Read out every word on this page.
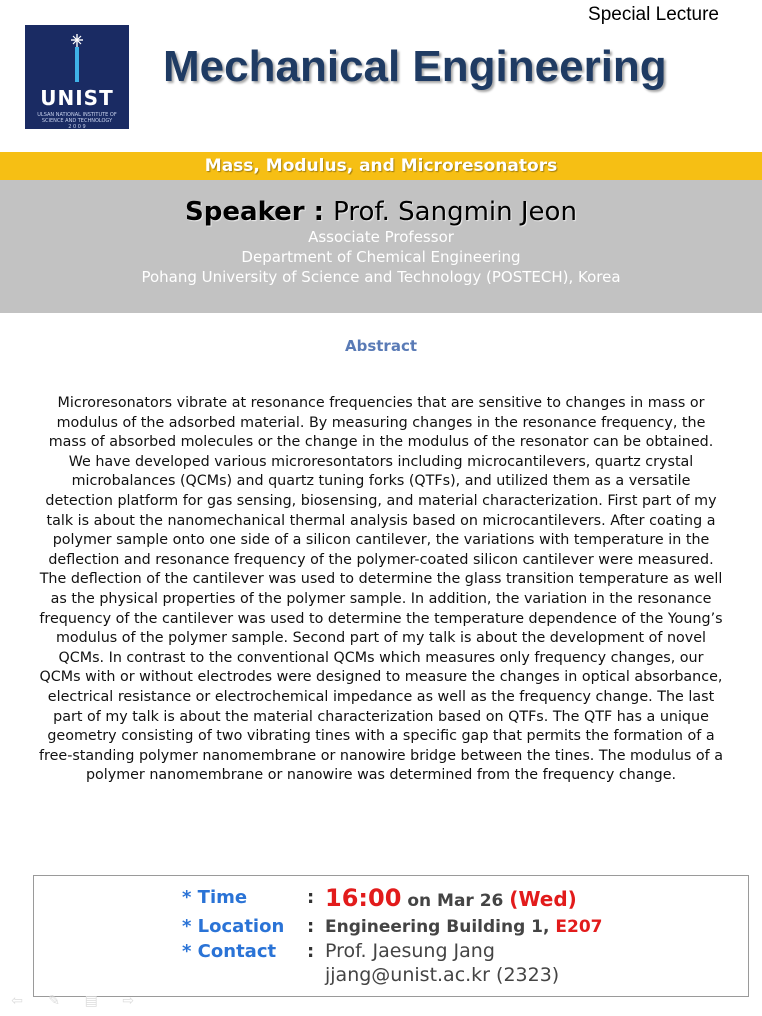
Special Lecture
UNIST
ULSAN NATIONAL INSTITUTE OF SCIENCE AND TECHNOLOGY
2 0 0 9
Mechanical Engineering
Mass, Modulus, and Microresonators
Speaker : Prof. Sangmin Jeon
Associate Professor
Department of Chemical Engineering
Pohang University of Science and Technology (POSTECH), Korea
Abstract
Microresonators vibrate at resonance frequencies that are sensitive to changes in mass or modulus of the adsorbed material. By measuring changes in the resonance frequency, the mass of absorbed molecules or the change in the modulus of the resonator can be obtained. We have developed various microresontators including microcantilevers, quartz crystal microbalances (QCMs) and quartz tuning forks (QTFs), and utilized them as a versatile detection platform for gas sensing, biosensing, and material characterization. First part of my talk is about the nanomechanical thermal analysis based on microcantilevers. After coating a polymer sample onto one side of a silicon cantilever, the variations with temperature in the deflection and resonance frequency of the polymer-coated silicon cantilever were measured. The deflection of the cantilever was used to determine the glass transition temperature as well as the physical properties of the polymer sample. In addition, the variation in the resonance frequency of the cantilever was used to determine the temperature dependence of the Young’s modulus of the polymer sample. Second part of my talk is about the development of novel QCMs. In contrast to the conventional QCMs which measures only frequency changes, our QCMs with or without electrodes were designed to measure the changes in optical absorbance, electrical resistance or electrochemical impedance as well as the frequency change. The last part of my talk is about the material characterization based on QTFs. The QTF has a unique geometry consisting of two vibrating tines with a specific gap that permits the formation of a free-standing polymer nanomembrane or nanowire bridge between the tines. The modulus of a polymer nanomembrane or nanowire was determined from the frequency change.
* Time	: 16:00 on Mar 26 (Wed)
* Location : Engineering Building 1, E207
* Contact : Prof. Jaesung Jang
jjang@unist.ac.kr (2323)
⇦ ✎ ▤ ⇨
